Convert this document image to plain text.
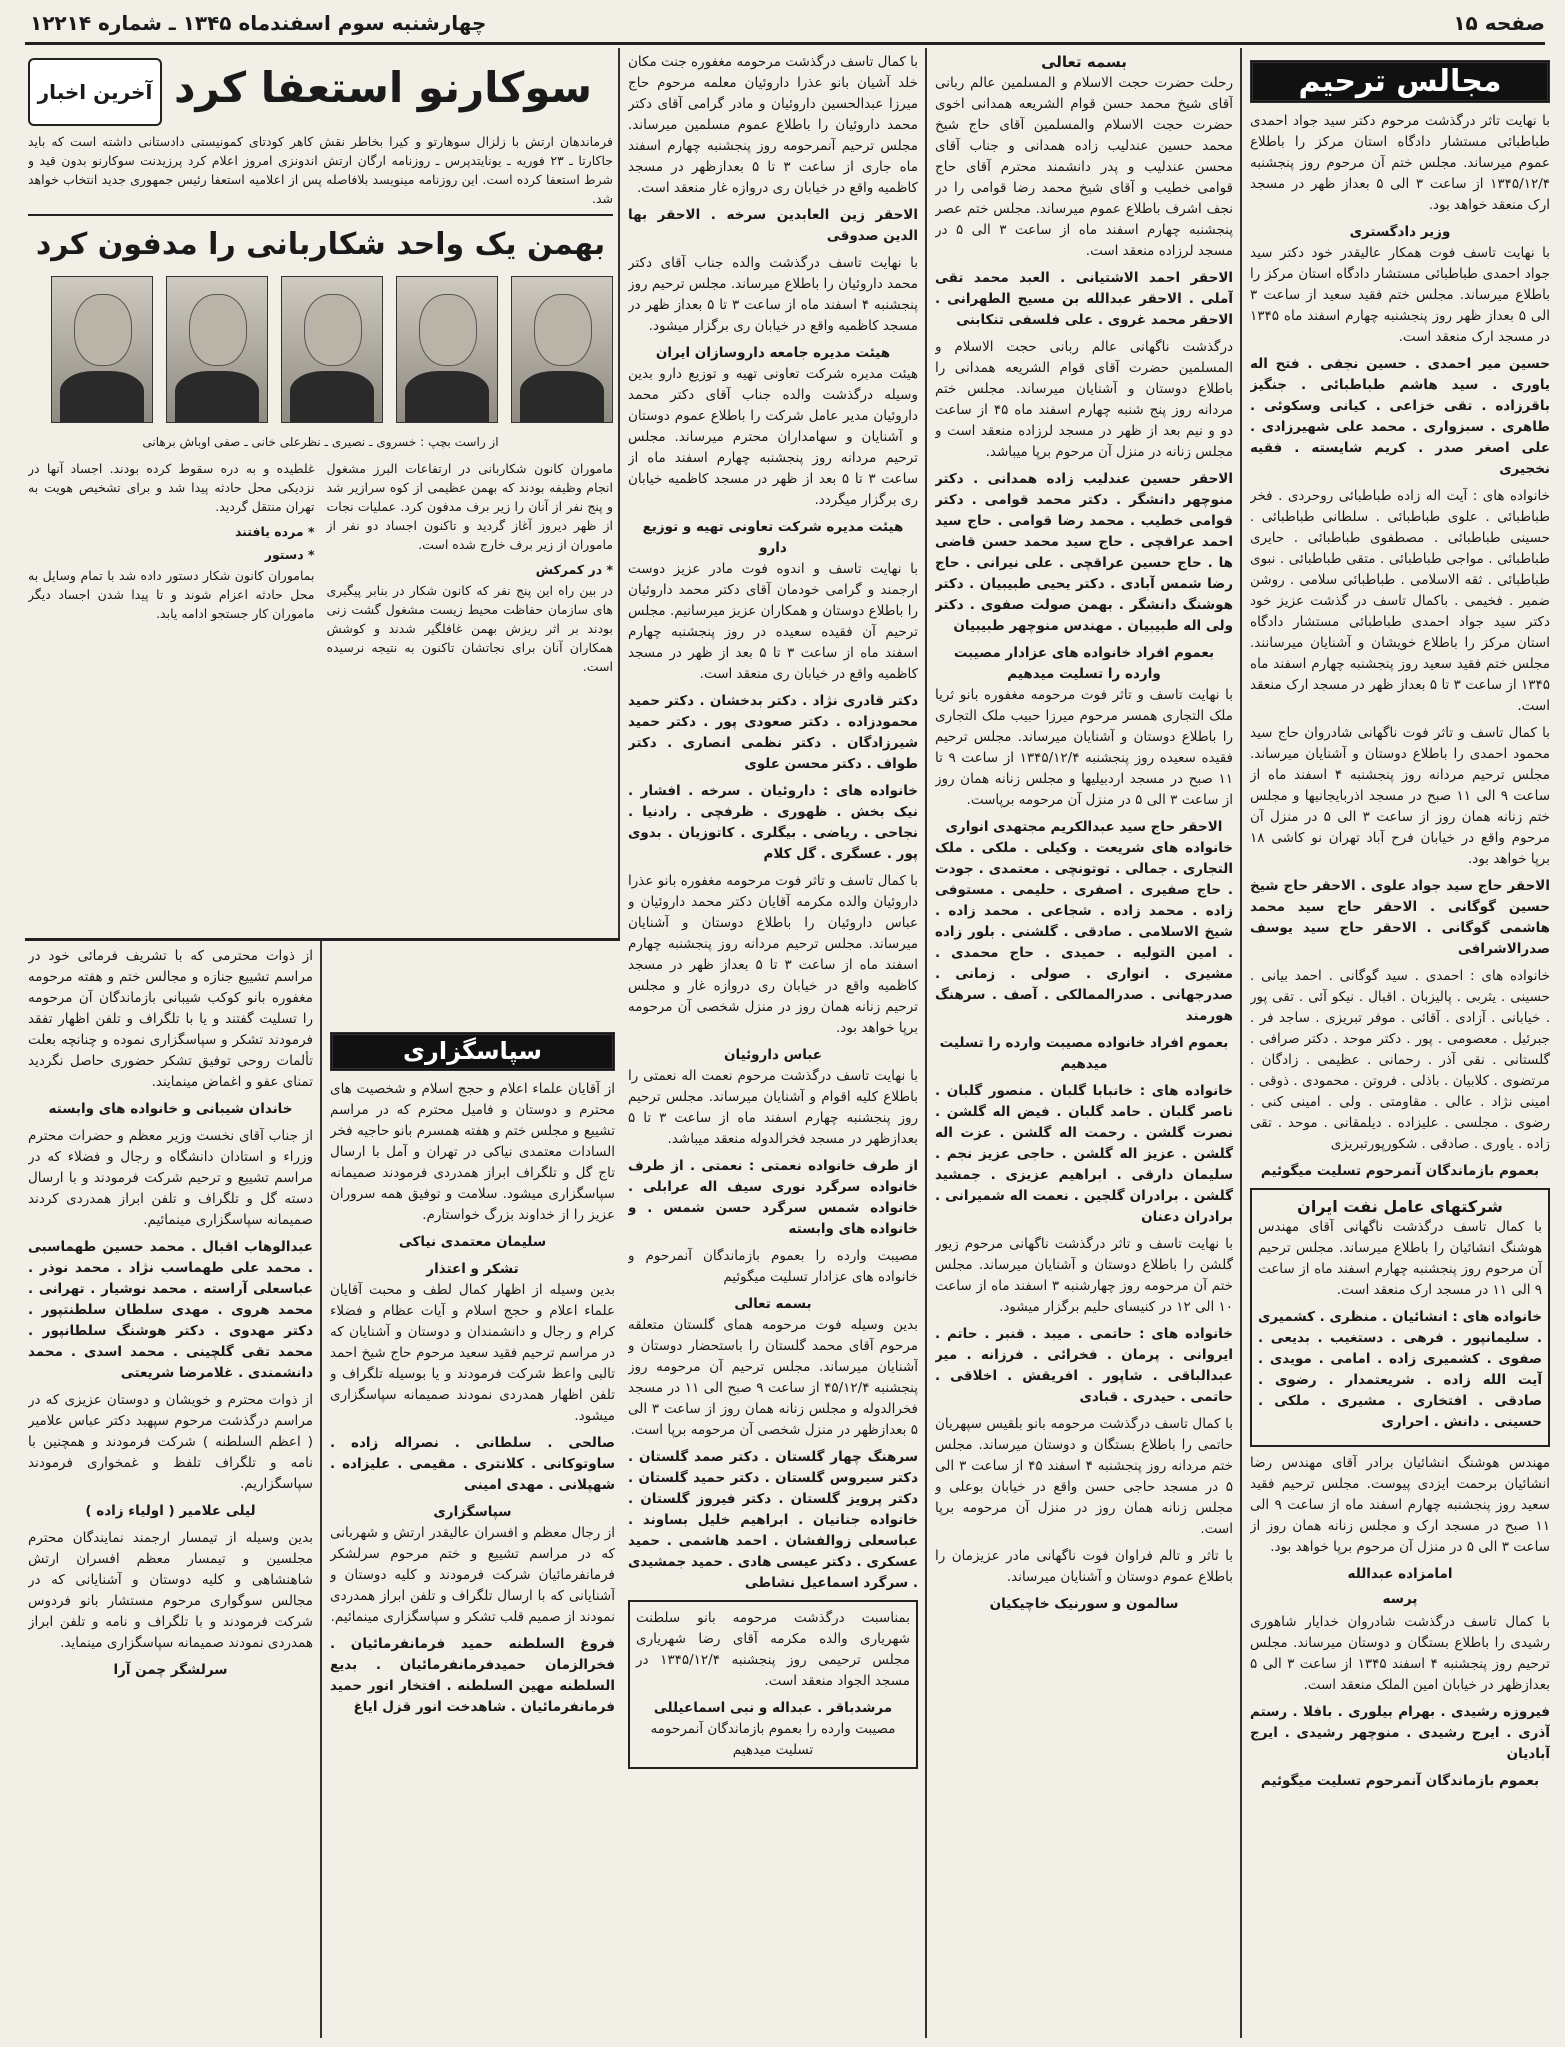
صفحه ۱۵
چهارشنبه سوم اسفندماه ۱۳۴۵ ـ شماره ۱۲۲۱۴
مجالس ترحیم

با نهایت تاثر درگذشت مرحوم دکتر سید جواد احمدی طباطبائی مستشار دادگاه استان مرکز را باطلاع عموم میرساند. مجلس ختم آن مرحوم روز پنجشنبه ۱۳۴۵/۱۲/۴ از ساعت ۳ الی ۵ بعداز ظهر در مسجد ارک منعقد خواهد بود.

وزیر دادگستری

با نهایت تاسف فوت همکار عالیقدر خود دکتر سید جواد احمدی طباطبائی مستشار دادگاه استان مرکز را باطلاع میرساند. مجلس ختم فقید سعید از ساعت ۳ الی ۵ بعداز ظهر روز پنجشنبه چهارم اسفند ماه ۱۳۴۵ در مسجد ارک منعقد است.

حسین میر احمدی . حسین نجفی . فتح اله یاوری . سید هاشم طباطبائی . جنگیز باقرزاده . تقی خزاعی . کیانی وسکوئی . طاهری . سبزواری . محمد علی شهیرزادی . علی اصغر صدر . کریم شایسته . فقیه نخجیری

خانواده های : آیت اله زاده طباطبائی روحردی . فخر طباطبائی . علوی طباطبائی . سلطانی طباطبائی . حسینی طباطبائی . مصطفوی طباطبائی . حایری طباطبائی . مواجی طباطبائی . متقی طباطبائی . نبوی طباطبائی . ثقه الاسلامی . طباطبائی سلامی . روشن ضمیر . فخیمی . باکمال تاسف در گذشت عزیز خود دکتر سید جواد احمدی طباطبائی مستشار دادگاه استان مرکز را باطلاع خویشان و آشنایان میرسانند. مجلس ختم فقید سعید روز پنجشنبه چهارم اسفند ماه ۱۳۴۵ از ساعت ۳ تا ۵ بعداز ظهر در مسجد ارک منعقد است.

با کمال تاسف و تاثر فوت ناگهانی شادروان حاج سید محمود احمدی را باطلاع دوستان و آشنایان میرساند. مجلس ترحیم مردانه روز پنجشنبه ۴ اسفند ماه از ساعت ۹ الی ۱۱ صبح در مسجد اذربایجانیها و مجلس ختم زنانه همان روز از ساعت ۳ الی ۵ در منزل آن مرحوم واقع در خیابان فرح آباد تهران نو کاشی ۱۸ برپا خواهد بود.

الاحقر حاج سید جواد علوی . الاحقر حاج شیخ حسین گوگانی . الاحقر حاج سید محمد هاشمی گوگانی . الاحقر حاج سید یوسف صدرالاشرافی

خانواده های : احمدی . سید گوگانی . احمد بیانی . حسینی . یثربی . پالیزبان . اقبال . نیکو آئی . تقی پور . خیابانی . آزادی . آقائی . موفر تبریزی . ساجد فر . جبرئیل . معصومی . پور . دکتر موحد . دکتر صرافی . گلستانی . نقی آذر . رحمانی . عظیمی . زادگان . مرتضوی . کلابیان . باذلی . فروتن . محمودی . ذوقی . امینی نژاد . عالی . مقاومتی . ولی . امینی کنی . رضوی . مجلسی . علیزاده . دیلمقانی . موحد . تقی زاده . یاوری . صادقی . شکورپورتبریزی

بعموم بازماندگان آنمرحوم تسلیت میگوئیم
شرکتهای عامل نفت ایران

با کمال تاسف درگذشت ناگهانی آقای مهندس هوشنگ انشائیان را باطلاع میرساند. مجلس ترحیم آن مرحوم روز پنجشنبه چهارم اسفند ماه از ساعت ۹ الی ۱۱ در مسجد ارک منعقد است.

خانواده های : انشائیان . منظری . کشمیری . سلیمانپور . فرهی . دستغیب . بدیعی . صفوی . کشمیری زاده . امامی . مویدی . آیت الله زاده . شریعتمدار . رضوی . صادقی . افتخاری . مشیری . ملکی . حسینی . دانش . احراری

مهندس هوشنگ انشائیان برادر آقای مهندس رضا انشائیان برحمت ایزدی پیوست. مجلس ترحیم فقید سعید روز پنجشنبه چهارم اسفند ماه از ساعت ۹ الی ۱۱ صبح در مسجد ارک و مجلس زنانه همان روز از ساعت ۳ الی ۵ در منزل آن مرحوم برپا خواهد بود.

امامزاده عبدالله
پرسه

با کمال تاسف درگذشت شادروان خدایار شاهوری رشیدی را باطلاع بستگان و دوستان میرساند. مجلس ترحیم روز پنجشنبه ۴ اسفند ۱۳۴۵ از ساعت ۳ الی ۵ بعدازظهر در خیابان امین الملک منعقد است.

فیروزه رشیدی . بهرام بیلوری . بافلا . رستم آذری . ایرج رشیدی . منوچهر رشیدی . ایرج آبادیان

بعموم بازماندگان آنمرحوم تسلیت میگوئیم
بسمه تعالی

رحلت حضرت حجت الاسلام و المسلمین عالم ربانی آقای شیخ محمد حسن قوام الشریعه همدانی اخوی حضرت حجت الاسلام والمسلمین آقای حاج شیخ محمد حسین عندلیب زاده همدانی و جناب آقای محسن عندلیب و پدر دانشمند محترم آقای حاج قوامی خطیب و آقای شیخ محمد رضا قوامی را در نجف اشرف باطلاع عموم میرساند. مجلس ختم عصر پنجشنبه چهارم اسفند ماه از ساعت ۳ الی ۵ در مسجد لرزاده منعقد است.

الاحقر احمد الاشتیانی . العبد محمد تقی آملی . الاحقر عبدالله بن مسیح الطهرانی . الاحقر محمد غروی . علی فلسفی تنکابنی

درگذشت ناگهانی عالم ربانی حجت الاسلام و المسلمین حضرت آقای قوام الشریعه همدانی را باطلاع دوستان و آشنایان میرساند. مجلس ختم مردانه روز پنج شنبه چهارم اسفند ماه ۴۵ از ساعت دو و نیم بعد از ظهر در مسجد لرزاده منعقد است و مجلس زنانه در منزل آن مرحوم برپا میباشد.

الاحقر حسین عندلیب زاده همدانی . دکتر منوچهر دانشگر . دکتر محمد قوامی . دکتر قوامی خطیب . محمد رضا قوامی . حاج سید احمد عراقچی . حاج سید محمد حسن قاضی ها . حاج حسین عراقچی . علی نیرانی . حاج رضا شمس آبادی . دکتر یحیی طبیبیان . دکتر هوشنگ دانشگر . بهمن صولت صفوی . دکتر ولی اله طبیبیان . مهندس منوچهر طبیبیان

بعموم افراد خانواده های عزادار مصیبت وارده را تسلیت میدهیم

با نهایت تاسف و تاثر فوت مرحومه مغفوره بانو ثریا ملک التجاری همسر مرحوم میرزا حبیب ملک التجاری را باطلاع دوستان و آشنایان میرساند. مجلس ترحیم فقیده سعیده روز پنجشنبه ۱۳۴۵/۱۲/۴ از ساعت ۹ تا ۱۱ صبح در مسجد اردبیلیها و مجلس زنانه همان روز از ساعت ۳ الی ۵ در منزل آن مرحومه برپاست.

الاحقر حاج سید عبدالکریم مجتهدی انواری

خانواده های شریعت . وکیلی . ملکی . ملک التجاری . جمالی . توتونچی . معتمدی . جودت . حاج صفیری . اصفری . حلیمی . مستوفی زاده . محمد زاده . شجاعی . محمد زاده . شیخ الاسلامی . صادقی . گلشنی . بلور زاده . امین التولیه . حمیدی . حاج محمدی . مشیری . انواری . صولی . زمانی . صدرجهانی . صدرالممالکی . آصف . سرهنگ هورمند

بعموم افراد خانواده مصیبت وارده را تسلیت میدهیم

خانواده های : خانبابا گلبان . منصور گلبان . ناصر گلبان . حامد گلبان . فیض اله گلشن . نصرت گلشن . رحمت اله گلشن . عزت اله گلشن . عزیز اله گلشن . حاجی عزیز نجم . سلیمان دارقی . ابراهیم عزیزی . جمشید گلشن . برادران گلجین . نعمت اله شمیرانی . برادران دعنان

با نهایت تاسف و تاثر درگذشت ناگهانی مرحوم زیور گلشن را باطلاع دوستان و آشنایان میرساند. مجلس ختم آن مرحومه روز چهارشنبه ۳ اسفند ماه از ساعت ۱۰ الی ۱۲ در کنیسای حلیم برگزار میشود.

خانواده های : حاتمی . میبد . قنبر . حاتم . ایروانی . پرمان . فخرائی . فرزانه . میر عبدالباقی . شاپور . افریقش . اخلاقی . حاتمی . حیدری . قبادی

با کمال تاسف درگذشت مرحومه بانو بلقیس سپهریان حاتمی را باطلاع بستگان و دوستان میرساند. مجلس ختم مردانه روز پنجشنبه ۴ اسفند ۴۵ از ساعت ۳ الی ۵ در مسجد حاجی حسن واقع در خیابان بوعلی و مجلس زنانه همان روز در منزل آن مرحومه برپا است.

با تاثر و تالم فراوان فوت ناگهانی مادر عزیزمان را باطلاع عموم دوستان و آشنایان میرساند.

سالمون و سورنیک خاچیکیان

با کمال تاسف درگذشت مرحومه مغفوره جنت مکان خلد آشیان بانو عذرا داروئیان معلمه مرحوم حاج میرزا عبدالحسین داروئیان و مادر گرامی آقای دکتر محمد داروئیان را باطلاع عموم مسلمین میرساند. مجلس ترحیم آنمرحومه روز پنجشنبه چهارم اسفند ماه جاری از ساعت ۳ تا ۵ بعدازظهر در مسجد کاظمیه واقع در خیابان ری دروازه غار منعقد است.

الاحقر زین العابدین سرخه . الاحقر بها الدین صدوقی

با نهایت تاسف درگذشت والده جناب آقای دکتر محمد داروئیان را باطلاع میرساند. مجلس ترحیم روز پنجشنبه ۴ اسفند ماه از ساعت ۳ تا ۵ بعداز ظهر در مسجد کاظمیه واقع در خیابان ری برگزار میشود.

هیئت مدیره جامعه داروسازان ایران

هیئت مدیره شرکت تعاونی تهیه و توزیع دارو بدین وسیله درگذشت والده جناب آقای دکتر محمد داروئیان مدیر عامل شرکت را باطلاع عموم دوستان و آشنایان و سهامداران محترم میرساند. مجلس ترحیم مردانه روز پنجشنبه چهارم اسفند ماه از ساعت ۳ تا ۵ بعد از ظهر در مسجد کاظمیه خیابان ری برگزار میگردد.

هیئت مدیره شرکت تعاونی تهیه و توزیع دارو

با نهایت تاسف و اندوه فوت مادر عزیز دوست ارجمند و گرامی خودمان آقای دکتر محمد داروئیان را باطلاع دوستان و همکاران عزیز میرسانیم. مجلس ترحیم آن فقیده سعیده در روز پنجشنبه چهارم اسفند ماه از ساعت ۳ تا ۵ بعد از ظهر در مسجد کاظمیه واقع در خیابان ری منعقد است.

دکتر قادری نژاد . دکتر بدخشان . دکتر حمید محمودزاده . دکتر صعودی پور . دکتر حمید شیرزادگان . دکتر نظمی انصاری . دکتر طواف . دکتر محسن علوی

خانواده های : داروئیان . سرخه . افشار . نیک بخش . ظهوری . ظرفچی . رادنیا . نجاحی . ریاضی . بیگلری . کاتوزیان . بدوی پور . عسگری . گل کلام

با کمال تاسف و تاثر فوت مرحومه مغفوره بانو عذرا داروئیان والده مکرمه آقایان دکتر محمد داروئیان و عباس داروئیان را باطلاع دوستان و آشنایان میرساند. مجلس ترحیم مردانه روز پنجشنبه چهارم اسفند ماه از ساعت ۳ تا ۵ بعداز ظهر در مسجد کاظمیه واقع در خیابان ری دروازه غار و مجلس ترحیم زنانه همان روز در منزل شخصی آن مرحومه برپا خواهد بود.

عباس داروئیان

با نهایت تاسف درگذشت مرحوم نعمت اله نعمتی را باطلاع کلیه اقوام و آشنایان میرساند. مجلس ترحیم روز پنجشنبه چهارم اسفند ماه از ساعت ۳ تا ۵ بعدازظهر در مسجد فخرالدوله منعقد میباشد.

از طرف خانواده نعمتی : نعمتی . از طرف خانواده سرگرد نوری سیف اله عرابلی . خانواده شمس سرگرد حسن شمس . و خانواده های وابسته

مصیبت وارده را بعموم بازماندگان آنمرحوم و خانواده های عزادار تسلیت میگوئیم

بسمه تعالی

بدین وسیله فوت مرحومه همای گلستان متعلقه مرحوم آقای محمد گلستان را باستحضار دوستان و آشنایان میرساند. مجلس ترحیم آن مرحومه روز پنجشنبه ۴۵/۱۲/۴ از ساعت ۹ صبح الی ۱۱ در مسجد فخرالدوله و مجلس زنانه همان روز از ساعت ۳ الی ۵ بعدازظهر در منزل شخصی آن مرحومه برپا است.

سرهنگ چهار گلستان . دکتر صمد گلستان . دکتر سیروس گلستان . دکتر حمید گلستان . دکتر پرویز گلستان . دکتر فیروز گلستان . خانواده جنانیان . ابراهیم خلیل بساوند . عباسعلی زوالفشان . احمد هاشمی . حمید عسکری . دکتر عیسی هادی . حمید جمشیدی . سرگرد اسماعیل نشاطی

بمناسبت درگذشت مرحومه بانو سلطنت شهریاری والده مکرمه آقای رضا شهریاری مجلس ترحیمی روز پنجشنبه ۱۳۴۵/۱۲/۴ در مسجد الجواد منعقد است.

مرشدباقر . عبداله و نبی اسماعیللی
مصیبت وارده را بعموم بازماندگان آنمرحومه تسلیت میدهیم
آخرین اخبار سوکارنو استعفا کرد

فرماندهان ارتش با زلزال سوهارتو و کیرا بخاطر نقش کاهر کودتای کمونیستی دادستانی داشته است که باید جاکارتا ـ ۲۳ فوریه ـ یونایتدپرس ـ روزنامه ارگان ارتش اندونزی امروز اعلام کرد پرزیدنت سوکارنو بدون قید و شرط استعفا کرده است. این روزنامه مینویسد بلافاصله پس از اعلامیه استعفا رئیس جمهوری جدید انتخاب خواهد شد.

بهمن یک واحد شکاربانی را مدفون کرد
از راست بچپ : خسروی ـ نصیری ـ نظرعلی خانی ـ صفی اوباش برهانی

ماموران کانون شکاربانی در ارتفاعات البرز مشغول انجام وظیفه بودند که بهمن عظیمی از کوه سرازیر شد و پنج نفر از آنان را زیر برف مدفون کرد. عملیات نجات از ظهر دیروز آغاز گردید و تاکنون اجساد دو نفر از ماموران از زیر برف خارج شده است.

* در کمرکش

در بین راه این پنج نفر که کانون شکار در بنابر پیگیری های سازمان حفاظت محیط زیست مشغول گشت زنی بودند بر اثر ریزش بهمن غافلگیر شدند و کوشش همکاران آنان برای نجاتشان تاکنون به نتیجه نرسیده است.

غلطیده و به دره سقوط کرده بودند. اجساد آنها در نزدیکی محل حادثه پیدا شد و برای تشخیص هویت به تهران منتقل گردید.

* مرده یافتند
* دستور

بماموران کانون شکار دستور داده شد با تمام وسایل به محل حادثه اعزام شوند و تا پیدا شدن اجساد دیگر ماموران کار جستجو ادامه یابد.

سپاسگزاری

از آقایان علماء اعلام و حجج اسلام و شخصیت های محترم و دوستان و فامیل محترم که در مراسم تشییع و مجلس ختم و هفته همسرم بانو حاجیه فخر السادات معتمدی نیاکی در تهران و آمل با ارسال تاج گل و تلگراف ابراز همدردی فرمودند صمیمانه سپاسگزاری میشود. سلامت و توفیق همه سروران عزیز را از خداوند بزرگ خواستارم.

سلیمان معتمدی نیاکی
تشکر و اعتذار

بدین وسیله از اظهار کمال لطف و محبت آقایان علماء اعلام و حجج اسلام و آیات عظام و فضلاء کرام و رجال و دانشمندان و دوستان و آشنایان که در مراسم ترحیم فقید سعید مرحوم حاج شیخ احمد تالبی واعظ شرکت فرمودند و یا بوسیله تلگراف و تلفن اظهار همدردی نمودند صمیمانه سپاسگزاری میشود.

صالحی . سلطانی . نصراله زاده . ساوتوکانی . کلانتری . مقیمی . علیزاده . شهپلانی . مهدی امینی

سپاسگزاری

از رجال معظم و افسران عالیقدر ارتش و شهربانی که در مراسم تشییع و ختم مرحوم سرلشکر فرمانفرمائیان شرکت فرمودند و کلیه دوستان و آشنایانی که با ارسال تلگراف و تلفن ابراز همدردی نمودند از صمیم قلب تشکر و سپاسگزاری مینمائیم.

فروغ السلطنه حمید فرمانفرمائیان . فخرالزمان حمیدفرمانفرمائیان . بدیع السلطنه مهین السلطنه . افتخار انور حمید فرمانفرمائیان . شاهدخت انور قزل ایاغ

از ذوات محترمی که با تشریف فرمائی خود در مراسم تشییع جنازه و مجالس ختم و هفته مرحومه مغفوره بانو کوکب شیبانی بازماندگان آن مرحومه را تسلیت گفتند و یا با تلگراف و تلفن اظهار تفقد فرمودند تشکر و سپاسگزاری نموده و چنانچه بعلت تألمات روحی توفیق تشکر حضوری حاصل نگردید تمنای عفو و اغماض مینمایند.

خاندان شیبانی و خانواده های وابسته

از جناب آقای نخست وزیر معظم و حضرات محترم وزراء و استادان دانشگاه و رجال و فضلاء که در مراسم تشییع و ترحیم شرکت فرمودند و با ارسال دسته گل و تلگراف و تلفن ابراز همدردی کردند صمیمانه سپاسگزاری مینمائیم.

عبدالوهاب اقبال . محمد حسین طهماسبی . محمد علی طهماسب نژاد . محمد نوذر . عباسعلی آراسته . محمد نوشیار . تهرانی . محمد هروی . مهدی سلطان سلطنتپور . دکتر مهدوی . دکتر هوشنگ سلطانپور . محمد تقی گلچینی . محمد اسدی . محمد دانشمندی . غلامرضا شریعتی

از ذوات محترم و خویشان و دوستان عزیزی که در مراسم درگذشت مرحوم سپهبد دکتر عباس علامیر ( اعظم السلطنه ) شرکت فرمودند و همچنین با نامه و تلگراف تلفظ و غمخواری فرمودند سپاسگزاریم.

لیلی علامیر ( اولیاء زاده )

بدین وسیله از تیمسار ارجمند نمایندگان محترم مجلسین و تیمسار معظم افسران ارتش شاهنشاهی و کلیه دوستان و آشنایانی که در مجالس سوگواری مرحوم مستشار بانو فردوس شرکت فرمودند و با تلگراف و نامه و تلفن ابراز همدردی نمودند صمیمانه سپاسگزاری مینماید.

سرلشگر چمن آرا
